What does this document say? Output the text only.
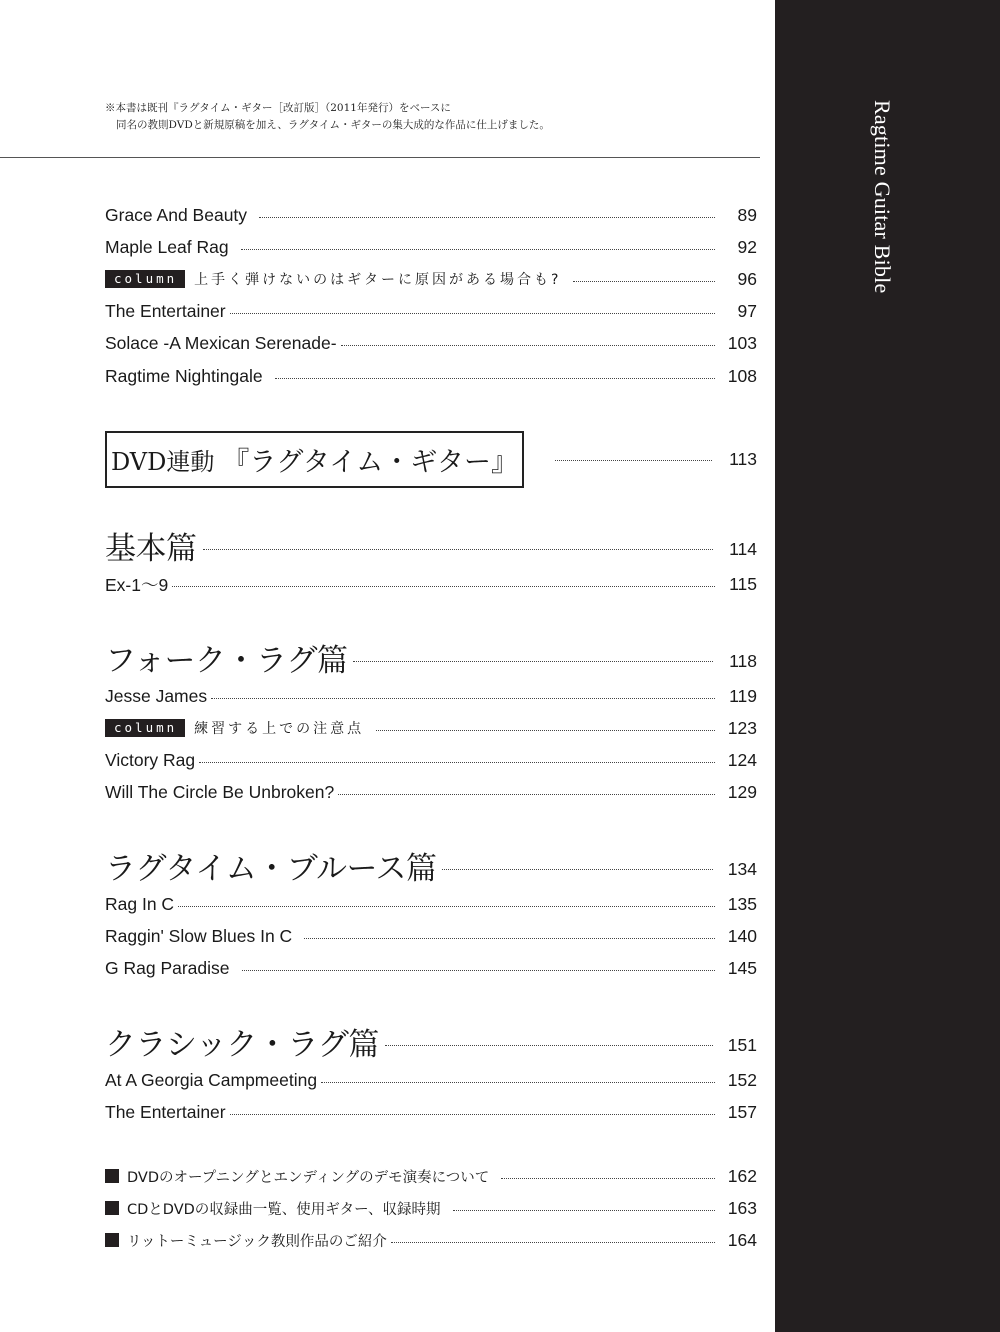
※本書は既刊『ラグタイム・ギター［改訂版］（2011年発行）をベースに
同名の教則DVDと新規原稿を加え、ラグタイム・ギターの集大成的な作品に仕上げました。	Ragtime Guitar Bible
Grace And Beauty	89
Maple Leaf Rag	92
column	上手く弾けないのはギターに原因がある場合も?	96
The Entertainer	97
Solace -A Mexican Serenade-	103
Ragtime Nightingale	108
DVD連動 『ラグタイム・ギター』	113
基本篇	114
Ex-1〜9	115
フォーク・ラグ篇	118
Jesse James	119
column	練習する上での注意点	123
Victory Rag	124
Will The Circle Be Unbroken?	129
ラグタイム・ブルース篇	134
Rag In C	135
Raggin' Slow Blues In C	140
G Rag Paradise	145
クラシック・ラグ篇	151
At A Georgia Campmeeting	152
The Entertainer	157
DVDのオープニングとエンディングのデモ演奏について	162
CDとDVDの収録曲一覧、使用ギター、収録時期	163
リットーミュージック教則作品のご紹介	164
